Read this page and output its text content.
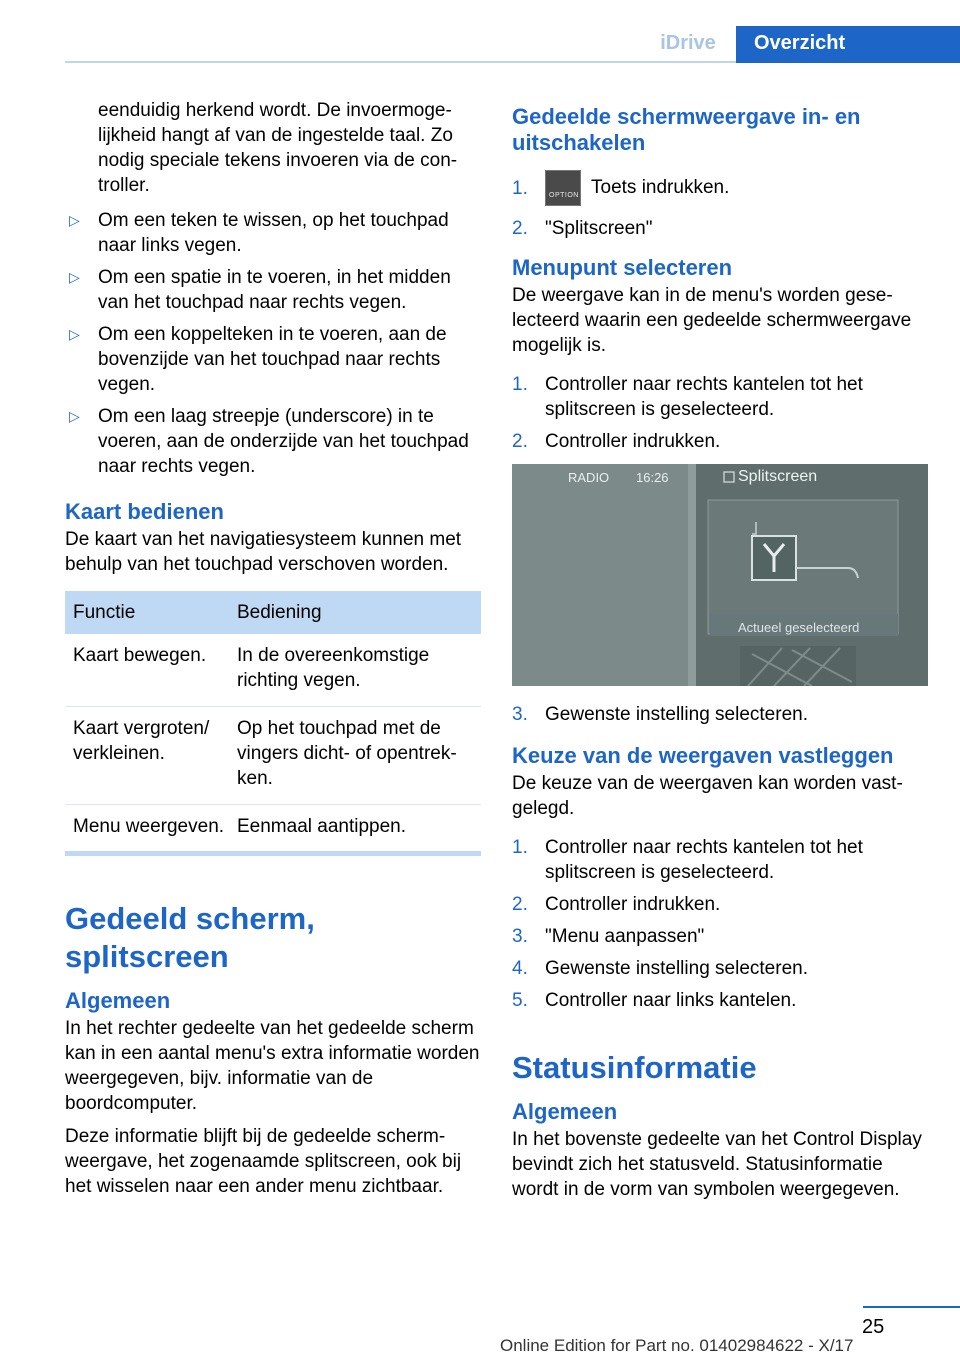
iDrive	Overzicht

eenduidig herkend wordt. De invoermogelijkheid hangt af van de ingestelde taal. Zo nodig speciale tekens invoeren via de controller.

▷ Om een teken te wissen, op het touchpad naar links vegen.
▷ Om een spatie in te voeren, in het midden van het touchpad naar rechts vegen.
▷ Om een koppelteken in te voeren, aan de bovenzijde van het touchpad naar rechts vegen.
▷ Om een laag streepje (underscore) in te voeren, aan de onderzijde van het touchpad naar rechts vegen.
Kaart bedienen

De kaart van het navigatiesysteem kunnen met behulp van het touchpad verschoven worden.

Functie	Bediening
Kaart bewegen.	In de overeenkomstige richting vegen.
Kaart vergroten/ verkleinen.	Op het touchpad met de vingers dicht- of opentrekken.
Menu weergeven.	Eenmaal aantippen.
Gedeeld scherm, splitscreen
Algemeen

In het rechter gedeelte van het gedeelde scherm kan in een aantal menu's extra informatie worden weergegeven, bijv. informatie van de boordcomputer.

Deze informatie blijft bij de gedeelde schermweergave, het zogenaamde splitscreen, ook bij het wisselen naar een ander menu zichtbaar.

Gedeelde schermweergave in- en uitschakelen
1.	OPTION Toets indrukken.
2. "Splitscreen"
Menupunt selecteren

De weergave kan in de menu's worden geselecteerd waarin een gedeelde schermweergave mogelijk is.

1. Controller naar rechts kantelen tot het splitscreen is geselecteerd.
2. Controller indrukken.
RADIO 16:26	Splitscreen
Actueel geselecteerd
3. Gewenste instelling selecteren.
Keuze van de weergaven vastleggen

De keuze van de weergaven kan worden vastgelegd.

1. Controller naar rechts kantelen tot het splitscreen is geselecteerd.
2. Controller indrukken.
3. "Menu aanpassen"
4. Gewenste instelling selecteren.
5. Controller naar links kantelen.
Statusinformatie
Algemeen

In het bovenste gedeelte van het Control Display bevindt zich het statusveld. Statusinformatie wordt in de vorm van symbolen weergegeven.

25
Online Edition for Part no. 01402984622 - X/17
